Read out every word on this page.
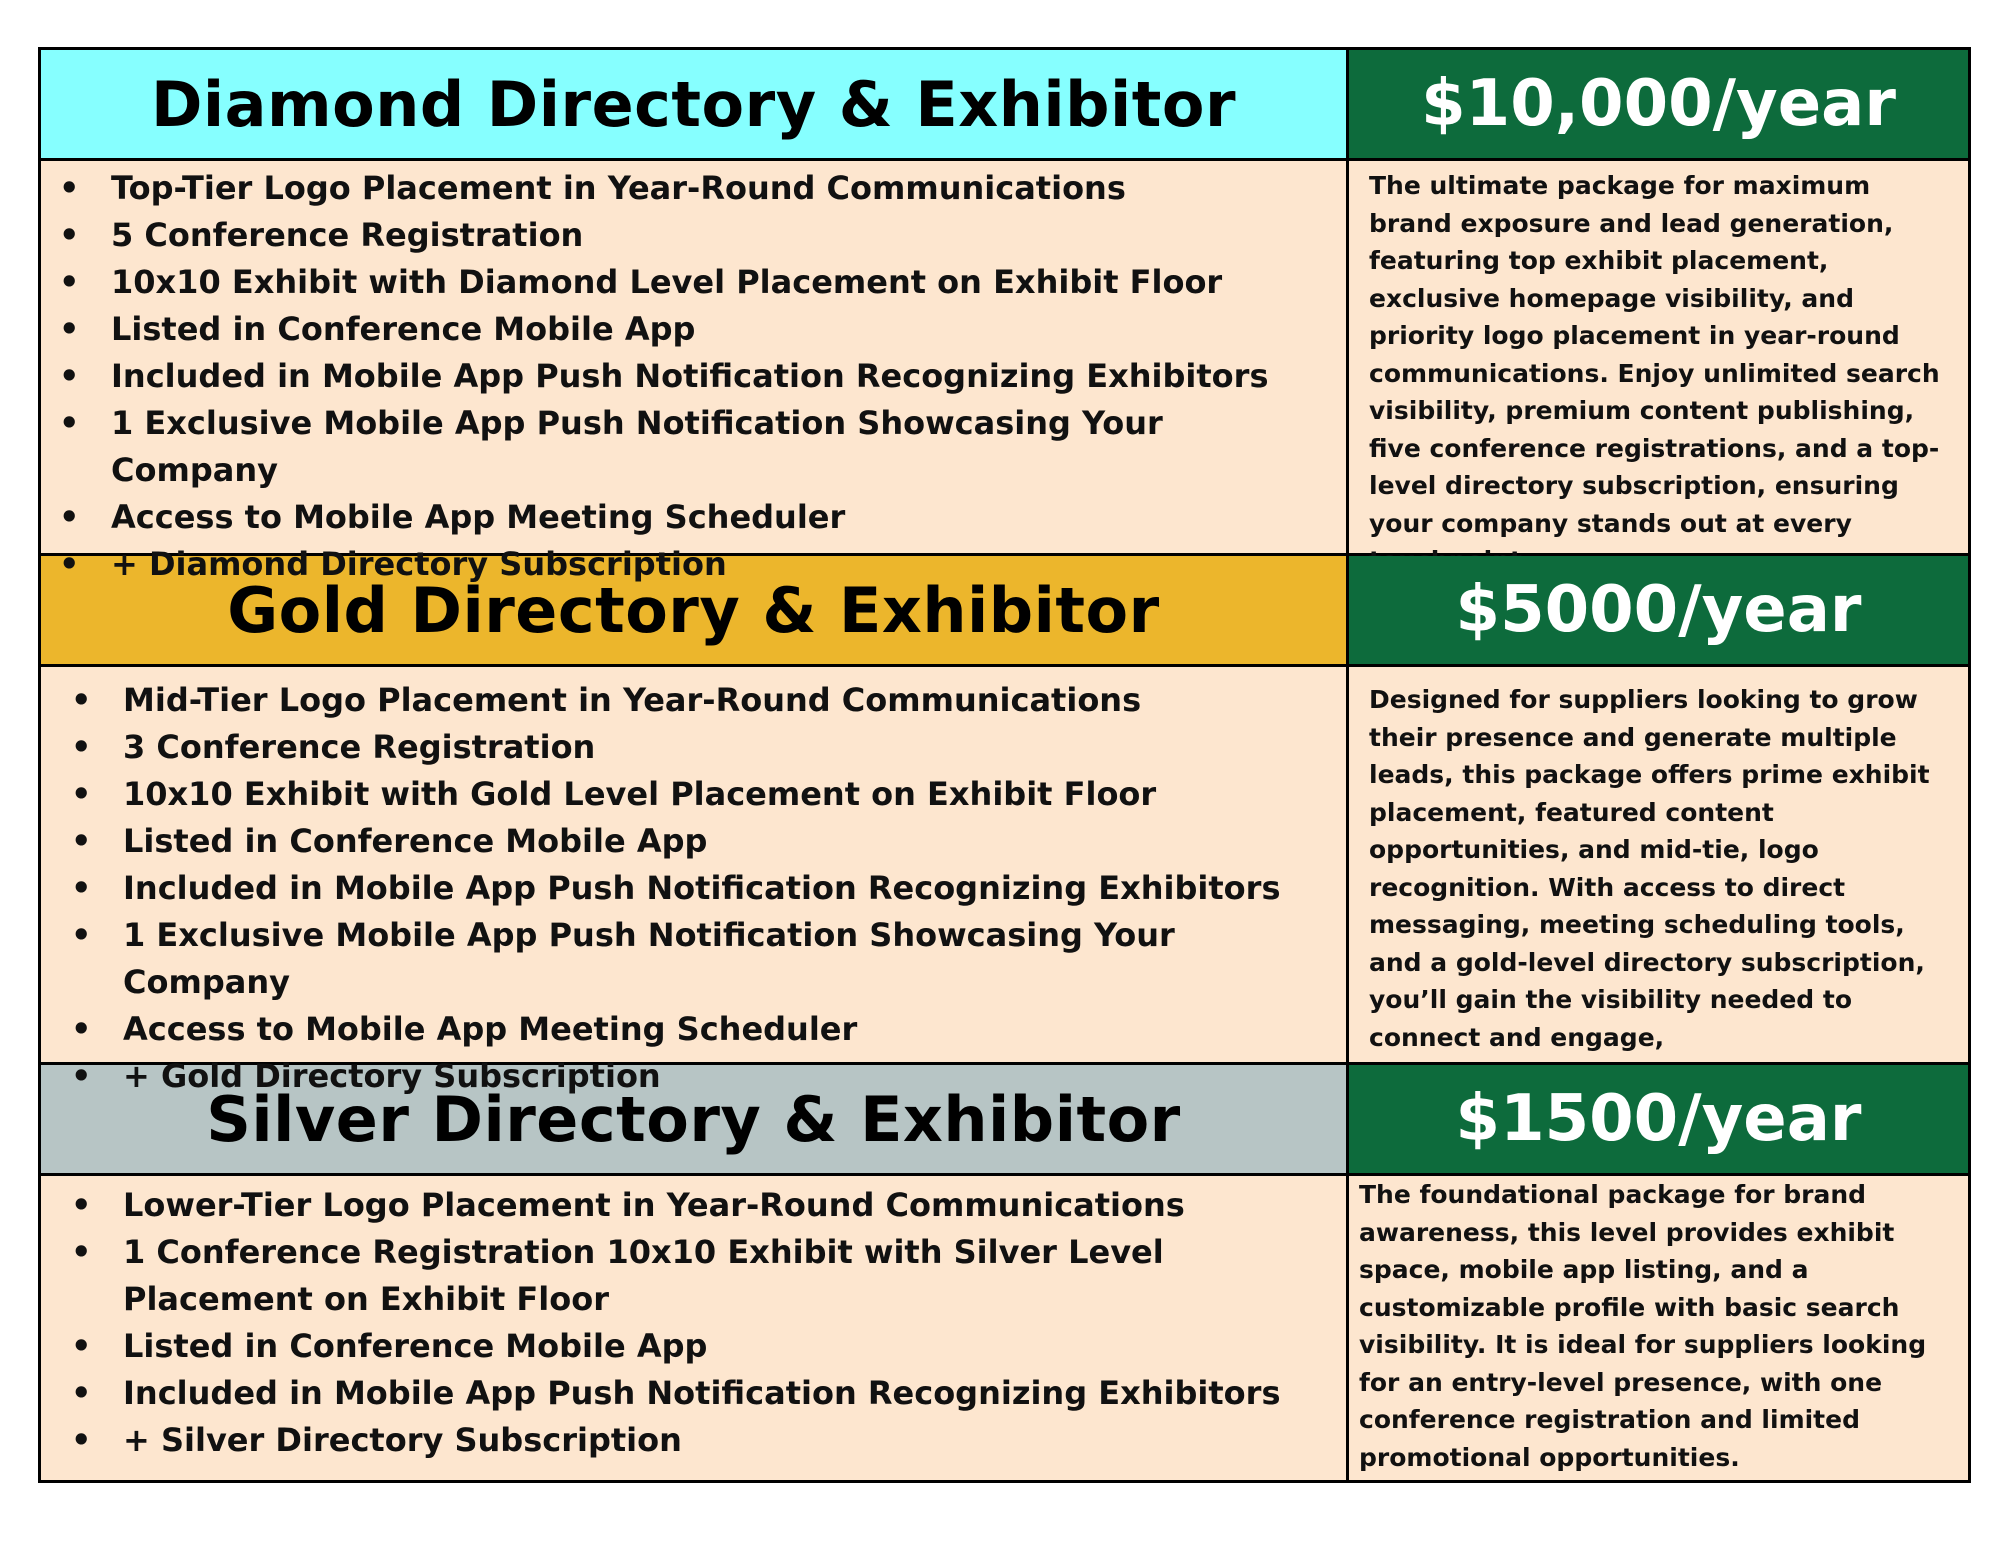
Diamond Directory & Exhibitor	$10,000/year
• Top-Tier Logo Placement in Year-Round Communications
• 5 Conference Registration
• 10x10 Exhibit with Diamond Level Placement on Exhibit Floor
• Listed in Conference Mobile App
• Included in Mobile App Push Notification Recognizing Exhibitors
• 1 Exclusive Mobile App Push Notification Showcasing Your Company
• Access to Mobile App Meeting Scheduler
• + Diamond Directory Subscription

The ultimate package for maximum brand exposure and lead generation, featuring top exhibit placement, exclusive homepage visibility, and priority logo placement in year-round communications. Enjoy unlimited search visibility, premium content publishing, five conference registrations, and a top-level directory subscription, ensuring your company stands out at every

Gold Directory & Exhibitor	$5000/year
• Mid-Tier Logo Placement in Year-Round Communications
• 3 Conference Registration
• 10x10 Exhibit with Gold Level Placement on Exhibit Floor
• Listed in Conference Mobile App
• Included in Mobile App Push Notification Recognizing Exhibitors
• 1 Exclusive Mobile App Push Notification Showcasing Your Company
• Access to Mobile App Meeting Scheduler
• + Gold Directory Subscription

Designed for suppliers looking to grow their presence and generate multiple leads, this package offers prime exhibit placement, featured content opportunities, and mid-tie, logo recognition. With access to direct messaging, meeting scheduling tools, and a gold-level directory subscription, you’ll gain the visibility needed to connect and engage,

Silver Directory & Exhibitor	$1500/year
• Lower-Tier Logo Placement in Year-Round Communications
• 1 Conference Registration 10x10 Exhibit with Silver Level Placement on Exhibit Floor
• Listed in Conference Mobile App
• Included in Mobile App Push Notification Recognizing Exhibitors
• + Silver Directory Subscription

The foundational package for brand awareness, this level provides exhibit space, mobile app listing, and a customizable profile with basic search visibility. It is ideal for suppliers looking for an entry-level presence, with one conference registration and limited promotional opportunities.
